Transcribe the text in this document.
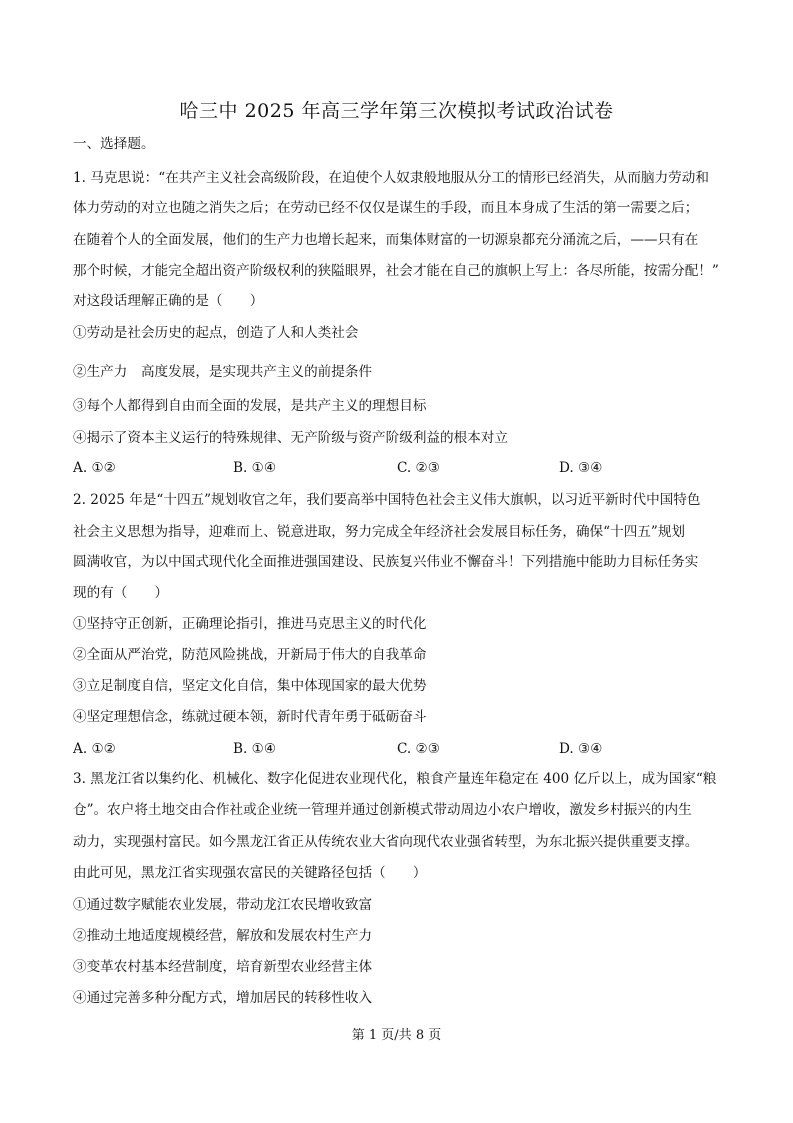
哈三中 2025 年高三学年第三次模拟考试政治试卷
一、选择题。
1. 马克思说：“在共产主义社会高级阶段，在迫使个人奴隶般地服从分工的情形已经消失，从而脑力劳动和
体力劳动的对立也随之消失之后；在劳动已经不仅仅是谋生的手段，而且本身成了生活的第一需要之后；
在随着个人的全面发展，他们的生产力也增长起来，而集体财富的一切源泉都充分涌流之后，——只有在
那个时候，才能完全超出资产阶级权利的狭隘眼界，社会才能在自己的旗帜上写上：各尽所能，按需分配！”
对这段话理解正确的是（　　）
①劳动是社会历史的起点，创造了人和人类社会
②生产力　高度发展，是实现共产主义的前提条件
③每个人都得到自由而全面的发展，是共产主义的理想目标
④揭示了资本主义运行的特殊规律、无产阶级与资产阶级利益的根本对立
A. ①②	B. ①④	C. ②③	D. ③④
2. 2025 年是“十四五”规划收官之年，我们要高举中国特色社会主义伟大旗帜，以习近平新时代中国特色
社会主义思想为指导，迎难而上、锐意进取，努力完成全年经济社会发展目标任务，确保“十四五”规划
圆满收官，为以中国式现代化全面推进强国建设、民族复兴伟业不懈奋斗！下列措施中能助力目标任务实
现的有（　　）
①坚持守正创新，正确理论指引，推进马克思主义的时代化
②全面从严治党，防范风险挑战，开新局于伟大的自我革命
③立足制度自信，坚定文化自信，集中体现国家的最大优势
④坚定理想信念，练就过硬本领，新时代青年勇于砥砺奋斗
A. ①②	B. ①④	C. ②③	D. ③④
3. 黑龙江省以集约化、机械化、数字化促进农业现代化，粮食产量连年稳定在 400 亿斤以上，成为国家“粮
仓”。农户将土地交由合作社或企业统一管理并通过创新模式带动周边小农户增收，激发乡村振兴的内生
动力，实现强村富民。如今黑龙江省正从传统农业大省向现代农业强省转型，为东北振兴提供重要支撑。
由此可见，黑龙江省实现强农富民的关键路径包括（　　）
①通过数字赋能农业发展，带动龙江农民增收致富
②推动土地适度规模经营，解放和发展农村生产力
③变革农村基本经营制度，培育新型农业经营主体
④通过完善多种分配方式，增加居民的转移性收入
第 1 页/共 8 页
